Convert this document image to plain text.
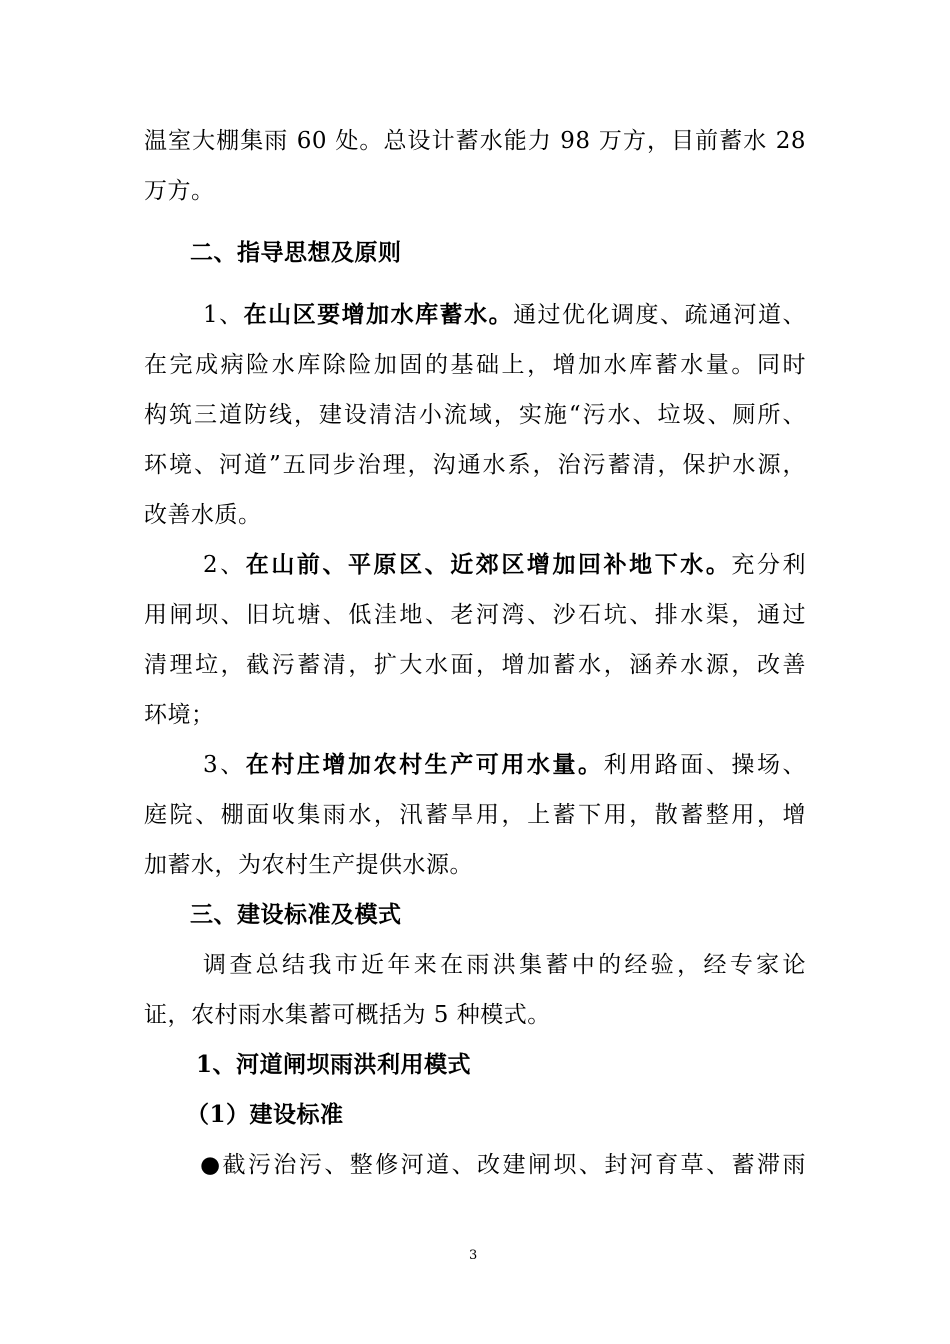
温室大棚集雨 60 处。总设计蓄水能力 98 万方，目前蓄水 28
万方。
二、指导思想及原则
1、在山区要增加水库蓄水。通过优化调度、疏通河道、
在完成病险水库除险加固的基础上，增加水库蓄水量。同时
构筑三道防线，建设清洁小流域，实施“污水、垃圾、厕所、
环境、河道”五同步治理，沟通水系，治污蓄清，保护水源，
改善水质。
2、在山前、平原区、近郊区增加回补地下水。充分利
用闸坝、旧坑塘、低洼地、老河湾、沙石坑、排水渠，通过
清理垃，截污蓄清，扩大水面，增加蓄水，涵养水源，改善
环境；
3、在村庄增加农村生产可用水量。利用路面、操场、
庭院、棚面收集雨水，汛蓄旱用，上蓄下用，散蓄整用，增
加蓄水，为农村生产提供水源。
三、建设标准及模式
调查总结我市近年来在雨洪集蓄中的经验，经专家论
证，农村雨水集蓄可概括为 5 种模式。
1、河道闸坝雨洪利用模式
（1）建设标准
●截污治污、整修河道、改建闸坝、封河育草、蓄滞雨
3
